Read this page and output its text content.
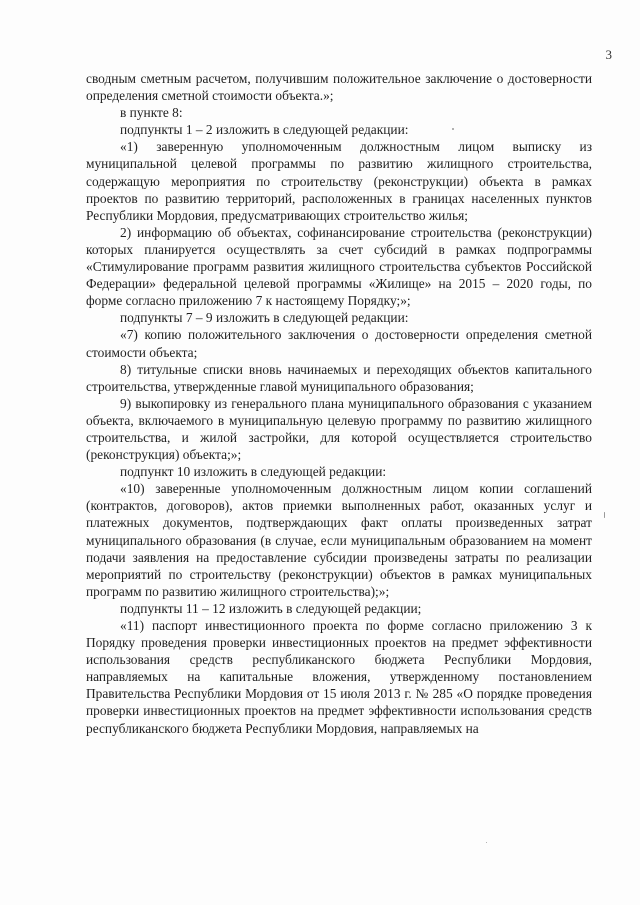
3

сводным сметным расчетом, получившим положительное заключение о достоверности определения сметной стоимости объекта.»;

в пункте 8:

подпункты 1 – 2 изложить в следующей редакции:

«1) заверенную уполномоченным должностным лицом выписку из муниципальной целевой программы по развитию жилищного строительства, содержащую мероприятия по строительству (реконструкции) объекта в рамках проектов по развитию территорий, расположенных в границах населенных пунктов Республики Мордовия, предусматривающих строительство жилья;

2) информацию об объектах, софинансирование строительства (реконструкции) которых планируется осуществлять за счет субсидий в рамках подпрограммы «Стимулирование программ развития жилищного строительства субъектов Российской Федерации» федеральной целевой программы «Жилище» на 2015 – 2020 годы, по форме согласно приложению 7 к настоящему Порядку;»;

подпункты 7 – 9 изложить в следующей редакции:

«7) копию положительного заключения о достоверности определения сметной стоимости объекта;

8) титульные списки вновь начинаемых и переходящих объектов капитального строительства, утвержденные главой муниципального образования;

9) выкопировку из генерального плана муниципального образования с указанием объекта, включаемого в муниципальную целевую программу по развитию жилищного строительства, и жилой застройки, для которой осуществляется строительство (реконструкция) объекта;»;

подпункт 10 изложить в следующей редакции:

«10) заверенные уполномоченным должностным лицом копии соглашений (контрактов, договоров), актов приемки выполненных работ, оказанных услуг и платежных документов, подтверждающих факт оплаты произведенных затрат муниципального образования (в случае, если муниципальным образованием на момент подачи заявления на предоставление субсидии произведены затраты по реализации мероприятий по строительству (реконструкции) объектов в рамках муниципальных программ по развитию жилищного строительства);»;

подпункты 11 – 12 изложить в следующей редакции;

«11) паспорт инвестиционного проекта по форме согласно приложению 3 к Порядку проведения проверки инвестиционных проектов на предмет эффективности использования средств республиканского бюджета Республики Мордовия, направляемых на капитальные вложения, утвержденному постановлением Правительства Республики Мордовия от 15 июля 2013 г. № 285 «О порядке проведения проверки инвестиционных проектов на предмет эффективности использования средств республиканского бюджета Республики Мордовия, направляемых на
